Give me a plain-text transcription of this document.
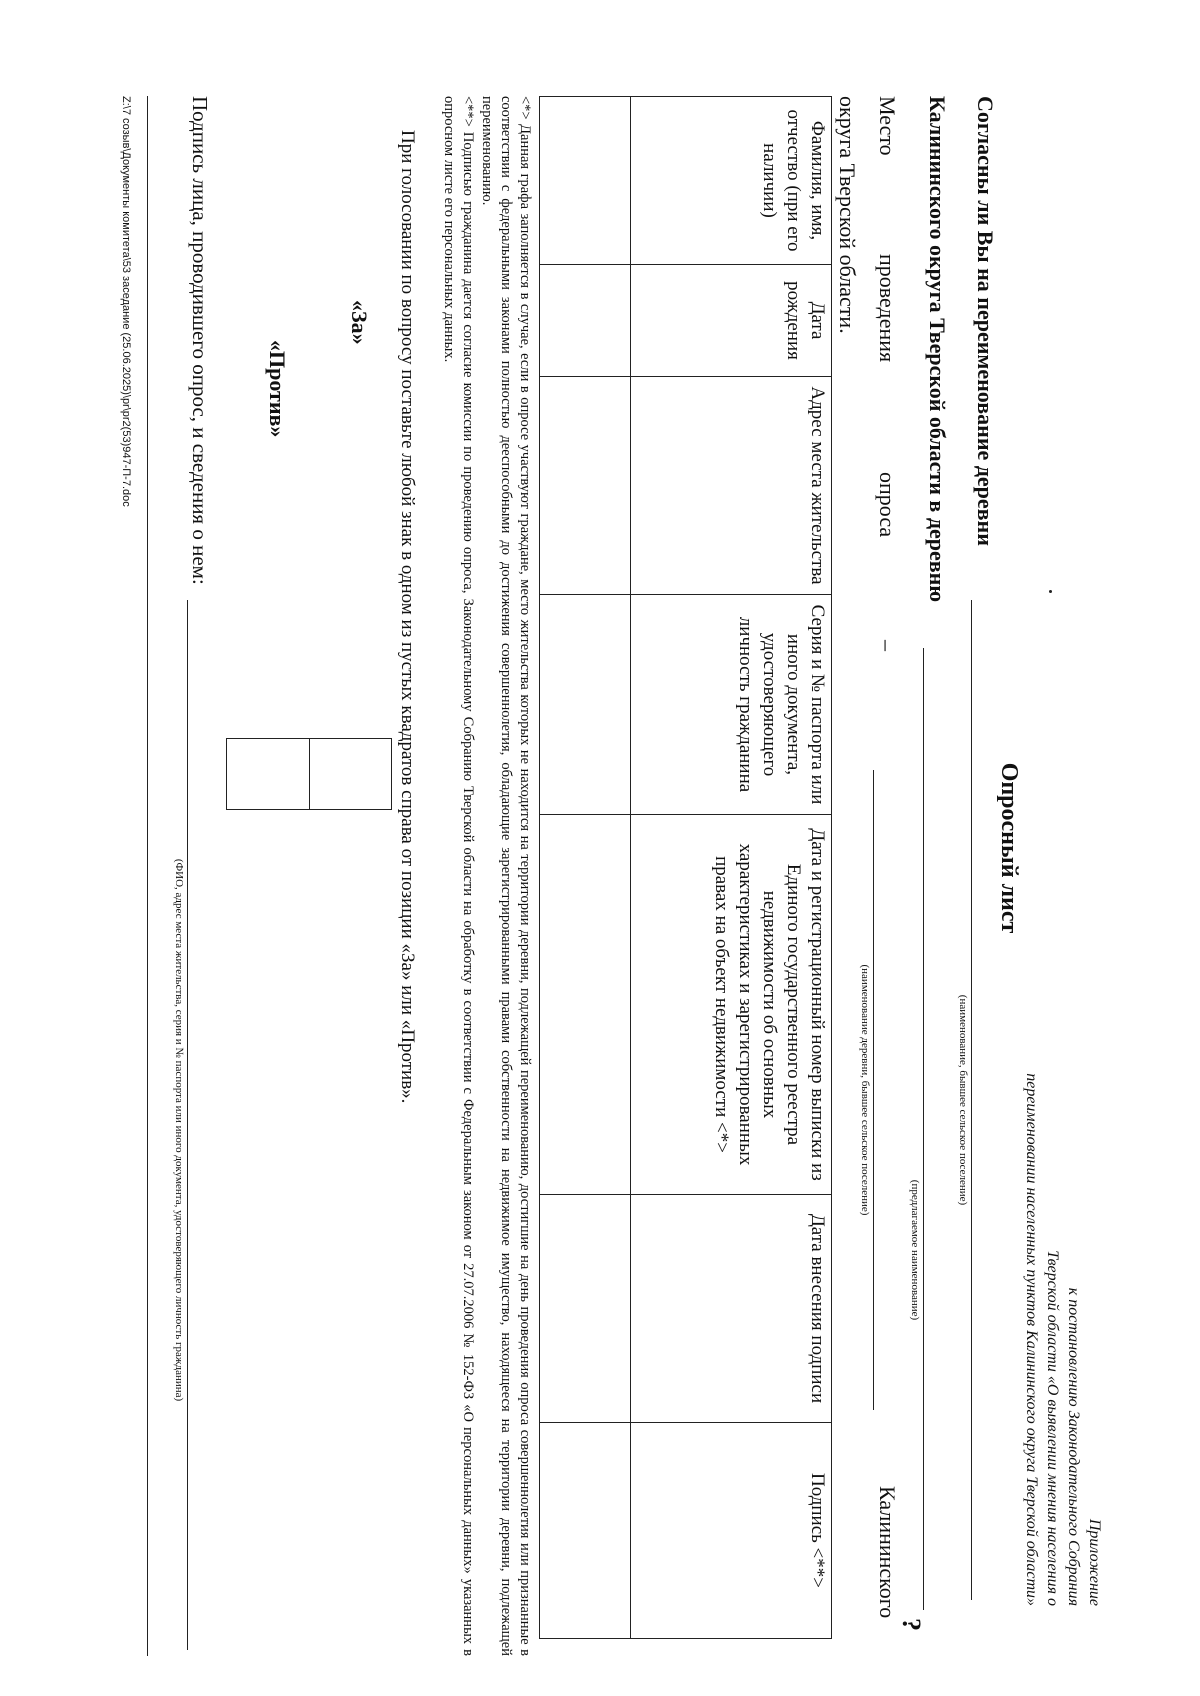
Приложение
к постановлению Законодательного Собрания
Тверской области «О выявлении мнения населения о
переименовании населенных пунктов Калининского округа Тверской области»
Опросный лист
Согласны ли Вы на переименование деревни
(наименование, бывшее сельское поселение)
Калининского округа Тверской области в деревню
(предлагаемое наименование)
?
Место
проведения
опроса
–
(наименование деревни, бывшее сельское поселение)
Калининского
округа Тверской области.
Фамилия, имя, отчество (при его наличии)	Дата рождения	Адрес места жительства	Серия и № паспорта или иного документа, удостоверяющего личность гражданина	Дата и регистрационный номер выписки из Единого государственного реестра недвижимости об основных характеристиках и зарегистрированных правах на объект недвижимости <*>	Дата внесения подписи	Подпись <**>

<*> Данная графа заполняется в случае, если в опросе участвуют граждане, место жительства которых не находится на территории деревни, подлежащей переименованию, достигшие на день проведения опроса совершеннолетия или признанные в соответствии с федеральными законами полностью дееспособными до достижения совершеннолетия, обладающие зарегистрированными правами собственности на недвижимое имущество, находящееся на территории деревни, подлежащей переименованию.

<**> Подписью гражданина дается согласие комиссии по проведению опроса, Законодательному Собранию Тверской области на обработку в соответствии с Федеральным законом от 27.07.2006 № 152-ФЗ «О персональных данных» указанных в опросном листе его персональных данных.

При голосовании по вопросу поставьте любой знак в одном из пустых квадратов справа от позиции «За» или «Против».
«За»
«Против»
Подпись лица, проводившего опрос, и сведения о нем:
(ФИО, адрес места жительства, серия и № паспорта или иного документа, удостоверяющего личность гражданина)
Z:\7 созыв\Документы комитета\53 заседание (25.06.2025)\pr\pr2(53)947-П-7.doc
